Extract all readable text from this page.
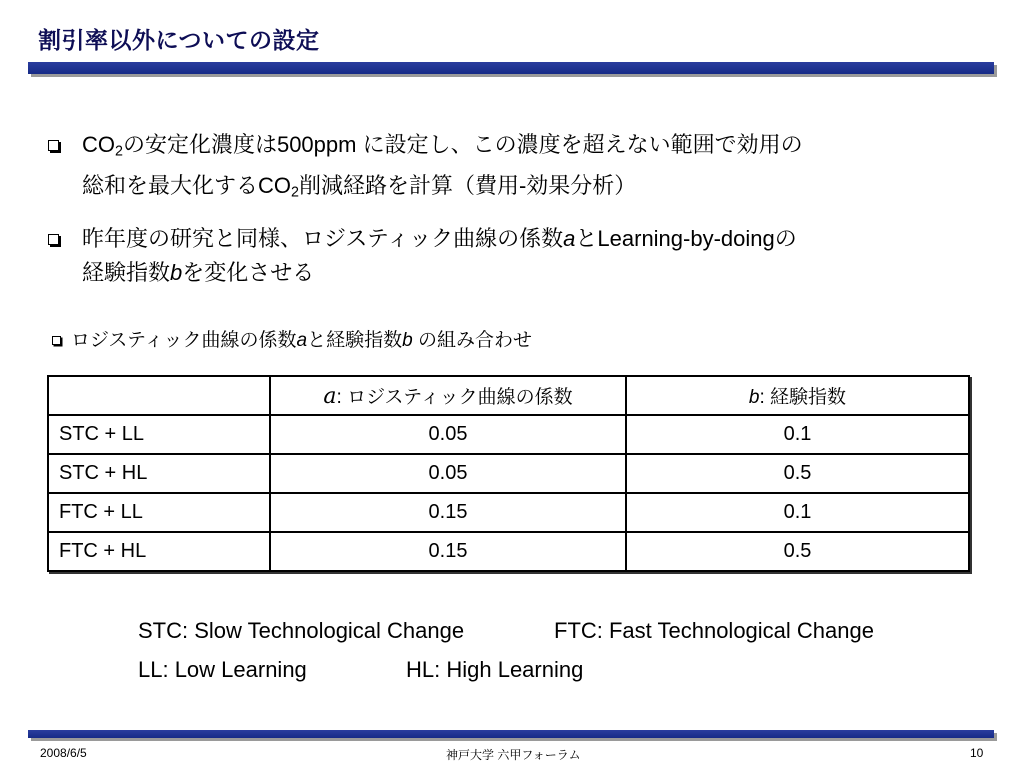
割引率以外についての設定
$CO_2$の安定化濃度は500ppm に設定し、この濃度を超えない範囲で効用の
総和を最大化する$CO_2$削減経路を計算（費用-効果分析）
昨年度の研究と同様、ロジスティック曲線の係数aとLearning-by-doingの
経験指数bを変化させる
ロジスティック曲線の係数aと経験指数b の組み合わせ
	a: ロジスティック曲線の係数	b: 経験指数
STC + LL	0.05	0.1
STC + HL	0.05	0.5
FTC + LL	0.15	0.1
FTC + HL	0.15	0.5
STC: Slow Technological Change	FTC: Fast Technological Change
LL: Low Learning	HL: High Learning
2008/6/5	神戸大学 六甲フォーラム	10
